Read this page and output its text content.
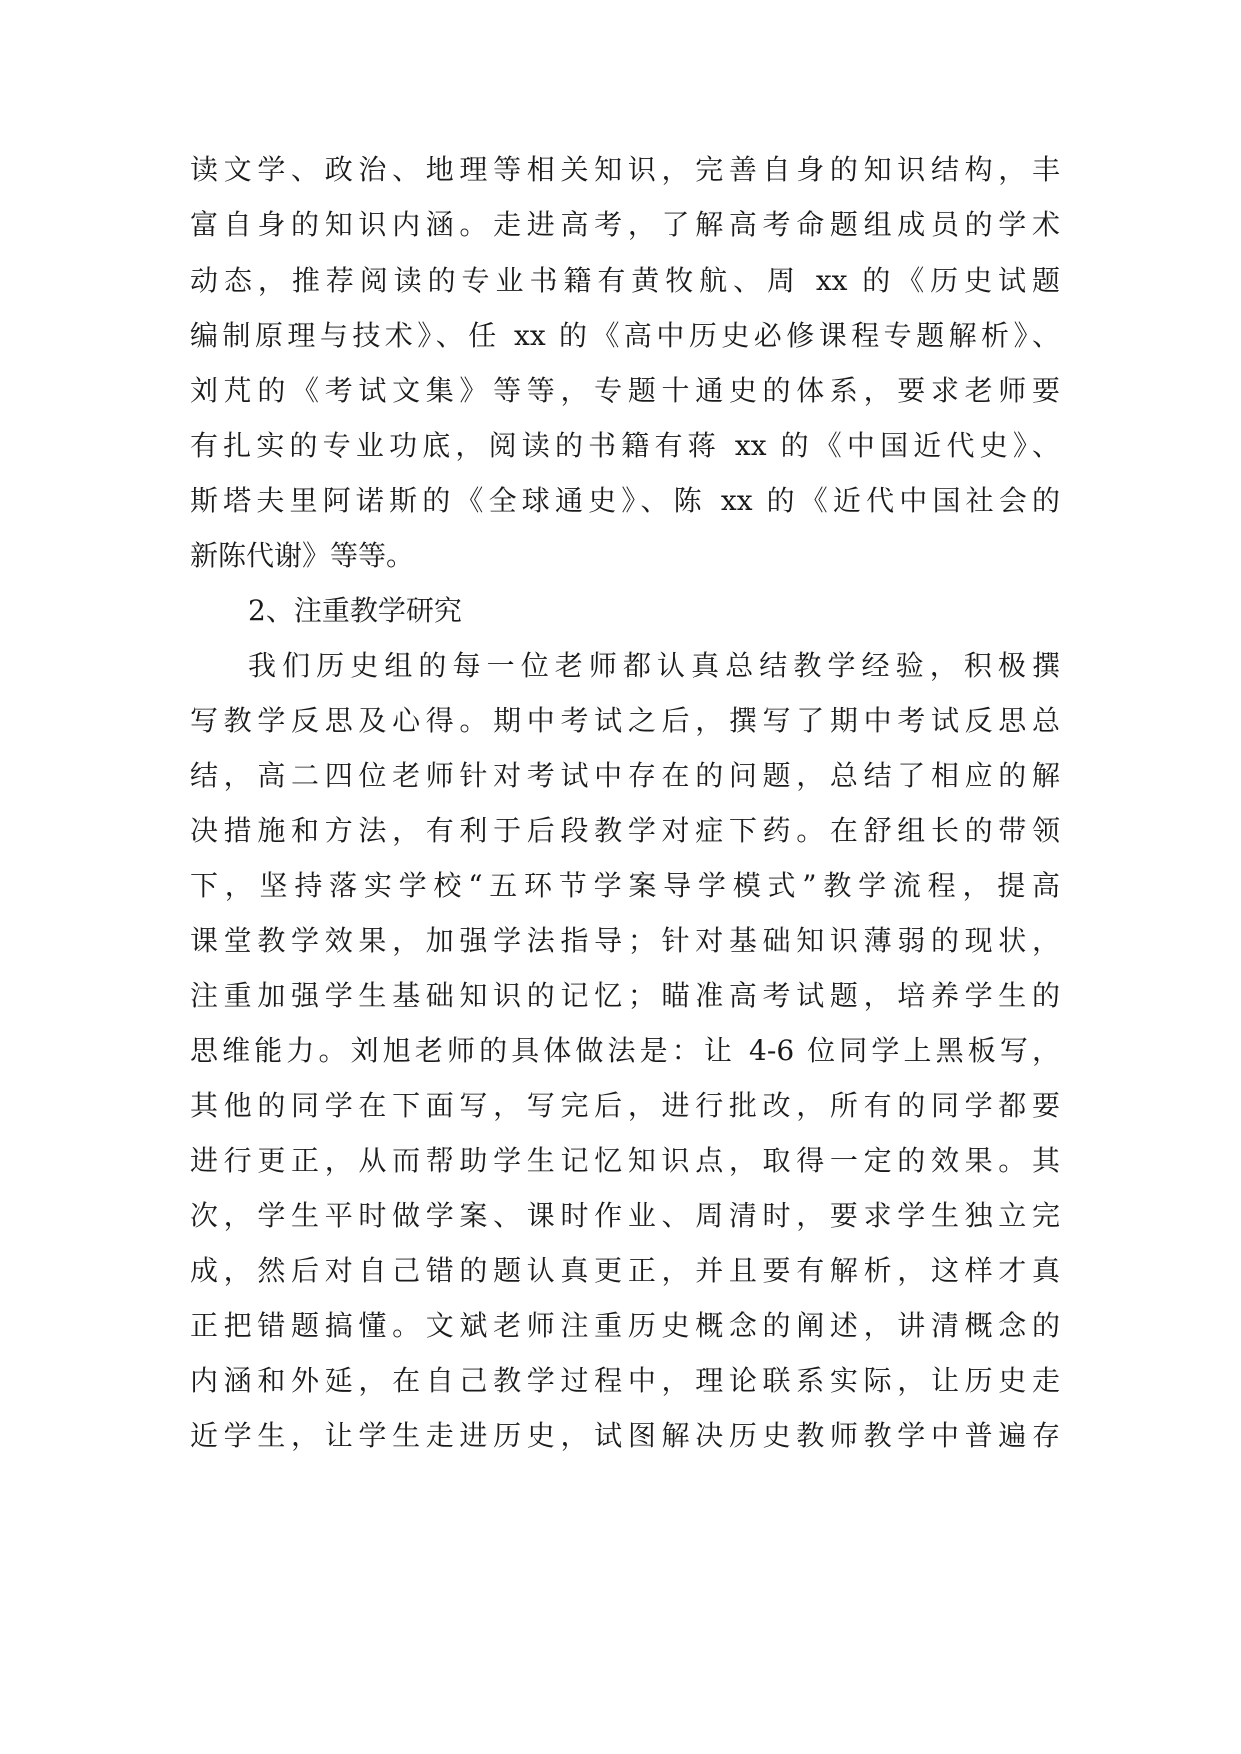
读文学、政治、地理等相关知识，完善自身的知识结构，丰
富自身的知识内涵。走进高考，了解高考命题组成员的学术
动态，推荐阅读的专业书籍有黄牧航、周 xx 的《历史试题
编制原理与技术》、任 xx 的《高中历史必修课程专题解析》、
刘芃的《考试文集》等等，专题十通史的体系，要求老师要
有扎实的专业功底，阅读的书籍有蒋 xx 的《中国近代史》、
斯塔夫里阿诺斯的《全球通史》、陈 xx 的《近代中国社会的
新陈代谢》等等。
2、注重教学研究
我们历史组的每一位老师都认真总结教学经验，积极撰
写教学反思及心得。期中考试之后，撰写了期中考试反思总
结，高二四位老师针对考试中存在的问题，总结了相应的解
决措施和方法，有利于后段教学对症下药。在舒组长的带领
下，坚持落实学校“五环节学案导学模式”教学流程，提高
课堂教学效果，加强学法指导；针对基础知识薄弱的现状，
注重加强学生基础知识的记忆；瞄准高考试题，培养学生的
思维能力。刘旭老师的具体做法是：让 4-6 位同学上黑板写，
其他的同学在下面写，写完后，进行批改，所有的同学都要
进行更正，从而帮助学生记忆知识点，取得一定的效果。其
次，学生平时做学案、课时作业、周清时，要求学生独立完
成，然后对自己错的题认真更正，并且要有解析，这样才真
正把错题搞懂。文斌老师注重历史概念的阐述，讲清概念的
内涵和外延，在自己教学过程中，理论联系实际，让历史走
近学生，让学生走进历史，试图解决历史教师教学中普遍存
